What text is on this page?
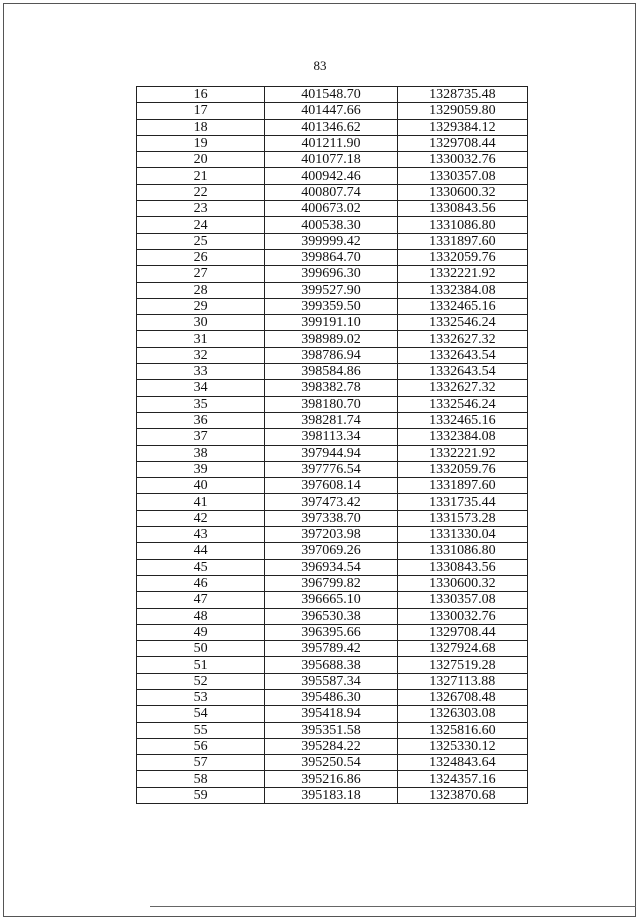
83
16	401548.70	1328735.48
17	401447.66	1329059.80
18	401346.62	1329384.12
19	401211.90	1329708.44
20	401077.18	1330032.76
21	400942.46	1330357.08
22	400807.74	1330600.32
23	400673.02	1330843.56
24	400538.30	1331086.80
25	399999.42	1331897.60
26	399864.70	1332059.76
27	399696.30	1332221.92
28	399527.90	1332384.08
29	399359.50	1332465.16
30	399191.10	1332546.24
31	398989.02	1332627.32
32	398786.94	1332643.54
33	398584.86	1332643.54
34	398382.78	1332627.32
35	398180.70	1332546.24
36	398281.74	1332465.16
37	398113.34	1332384.08
38	397944.94	1332221.92
39	397776.54	1332059.76
40	397608.14	1331897.60
41	397473.42	1331735.44
42	397338.70	1331573.28
43	397203.98	1331330.04
44	397069.26	1331086.80
45	396934.54	1330843.56
46	396799.82	1330600.32
47	396665.10	1330357.08
48	396530.38	1330032.76
49	396395.66	1329708.44
50	395789.42	1327924.68
51	395688.38	1327519.28
52	395587.34	1327113.88
53	395486.30	1326708.48
54	395418.94	1326303.08
55	395351.58	1325816.60
56	395284.22	1325330.12
57	395250.54	1324843.64
58	395216.86	1324357.16
59	395183.18	1323870.68
